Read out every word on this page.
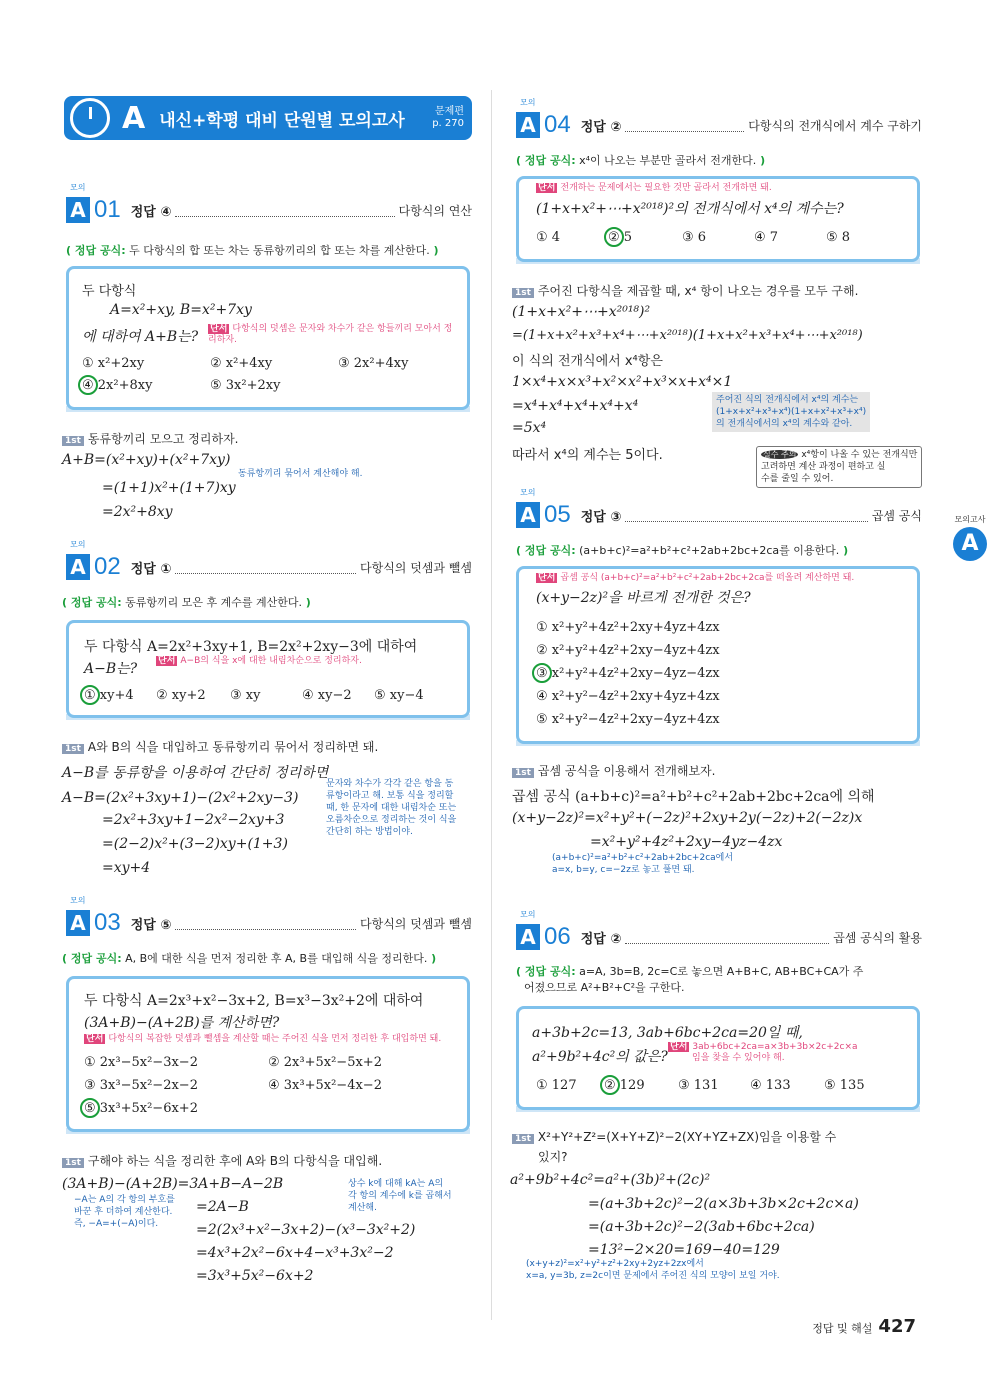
A 내신+학평 대비 단원별 모의고사	문제편
p. 270
모의
A 01 정답 ④	다항식의 연산
( 정답 공식: 두 다항식의 합 또는 차는 동류항끼리의 합 또는 차를 계산한다. )
두 다항식
A=x²+xy, B=x²+7xy
에 대하여 A+B는? 단서 다항식의 덧셈은 문자와 차수가 같은 항들끼리 모아서 정리하자.
① x²+2xy	② x²+4xy	③ 2x²+4xy
④ 2x²+8xy	⑤ 3x²+2xy
1st 동류항끼리 모으고 정리하자.
A+B=(x²+xy)+(x²+7xy)
동류항끼리 묶어서 계산해야 해.
=(1+1)x²+(1+7)xy
=2x²+8xy
모의
A 02 정답 ①	다항식의 덧셈과 뺄셈
( 정답 공식: 동류항끼리 모은 후 계수를 계산한다. )
두 다항식 A=2x²+3xy+1, B=2x²+2xy−3에 대하여
A−B는? 단서 A−B의 식을 x에 대한 내림차순으로 정리하자.
① xy+4 ② xy+2 ③ xy	④ xy−2 ⑤ xy−4
1st A와 B의 식을 대입하고 동류항끼리 묶어서 정리하면 돼.
A−B를 동류항을 이용하여 간단히 정리하면
A−B=(2x²+3xy+1)−(2x²+2xy−3)
=2x²+3xy+1−2x²−2xy+3
=(2−2)x²+(3−2)xy+(1+3)
=xy+4
문자와 차수가 각각 같은 항을 동
류항이라고 해. 보통 식을 정리할
때, 한 문자에 대한 내림차순 또는
오름차순으로 정리하는 것이 식을
간단히 하는 방법이야.
모의
A 03 정답 ⑤	다항식의 덧셈과 뺄셈
( 정답 공식: A, B에 대한 식을 먼저 정리한 후 A, B를 대입해 식을 정리한다. )
두 다항식 A=2x³+x²−3x+2, B=x³−3x²+2에 대하여
(3A+B)−(A+2B)를 계산하면?
단서 다항식의 복잡한 덧셈과 뺄셈을 계산할 때는 주어진 식을 먼저 정리한 후 대입하면 돼.
① 2x³−5x²−3x−2	② 2x³+5x²−5x+2
③ 3x³−5x²−2x−2	④ 3x³+5x²−4x−2
⑤ 3x³+5x²−6x+2
1st 구해야 하는 식을 정리한 후에 A와 B의 다항식을 대입해.
(3A+B)−(A+2B)=3A+B−A−2B
=2A−B
=2(2x³+x²−3x+2)−(x³−3x²+2)
=4x³+2x²−6x+4−x³+3x²−2
=3x³+5x²−6x+2
−A는 A의 각 항의 부호를
바꾼 후 더하여 계산한다.
즉, −A=+(−A)이다.
상수 k에 대해 kA는 A의
각 항의 계수에 k를 곱해서
계산해.
모의
A 04 정답 ②	다항식의 전개식에서 계수 구하기
( 정답 공식: x⁴이 나오는 부분만 골라서 전개한다. )
단서 전개하는 문제에서는 필요한 것만 골라서 전개하면 돼.
(1+x+x²+⋯+x²⁰¹⁸)²의 전개식에서 x⁴의 계수는?
① 4	② 5	③ 6	④ 7	⑤ 8
1st 주어진 다항식을 제곱할 때, x⁴ 항이 나오는 경우를 모두 구해.
(1+x+x²+⋯+x²⁰¹⁸)²
=(1+x+x²+x³+x⁴+⋯+x²⁰¹⁸)(1+x+x²+x³+x⁴+⋯+x²⁰¹⁸)
이 식의 전개식에서 x⁴항은
1×x⁴+x×x³+x²×x²+x³×x+x⁴×1
=x⁴+x⁴+x⁴+x⁴+x⁴
=5x⁴
따라서 x⁴의 계수는 5이다.
주어진 식의 전개식에서 x⁴의 계수는
(1+x+x²+x³+x⁴)(1+x+x²+x³+x⁴)
의 전개식에서의 x⁴의 계수와 같아.
실수 주의 x⁴항이 나올 수 있는 전개식만
고려하면 계산 과정이 편하고 실
수를 줄일 수 있어.
모의
A 05 정답 ③	곱셈 공식
( 정답 공식: (a+b+c)²=a²+b²+c²+2ab+2bc+2ca를 이용한다. )
단서 곱셈 공식 (a+b+c)²=a²+b²+c²+2ab+2bc+2ca를 떠올려 계산하면 돼.
(x+y−2z)²을 바르게 전개한 것은?
① x²+y²+4z²+2xy+4yz+4zx
② x²+y²+4z²+2xy−4yz+4zx
③ x²+y²+4z²+2xy−4yz−4zx
④ x²+y²−4z²+2xy+4yz+4zx
⑤ x²+y²−4z²+2xy−4yz+4zx
1st 곱셈 공식을 이용해서 전개해보자.
곱셈 공식 (a+b+c)²=a²+b²+c²+2ab+2bc+2ca에 의해
(x+y−2z)²=x²+y²+(−2z)²+2xy+2y(−2z)+2(−2z)x
=x²+y²+4z²+2xy−4yz−4zx
(a+b+c)²=a²+b²+c²+2ab+2bc+2ca에서
a=x, b=y, c=−2z로 놓고 풀면 돼.
모의
A 06 정답 ②	곱셈 공식의 활용
( 정답 공식: a=A, 3b=B, 2c=C로 놓으면 A+B+C, AB+BC+CA가 주
어졌으므로 A²+B²+C²을 구한다.
a+3b+2c=13, 3ab+6bc+2ca=20일 때,
a²+9b²+4c²의 값은?
단서 3ab+6bc+2ca=a×3b+3b×2c+2c×a
임을 찾을 수 있어야 해.
① 127 ② 129	③ 131 ④ 133	⑤ 135
1st X²+Y²+Z²=(X+Y+Z)²−2(XY+YZ+ZX)임을 이용할 수
있지?
a²+9b²+4c²=a²+(3b)²+(2c)²
=(a+3b+2c)²−2(a×3b+3b×2c+2c×a)
=(a+3b+2c)²−2(3ab+6bc+2ca)
=13²−2×20=169−40=129
(x+y+z)²=x²+y²+z²+2xy+2yz+2zx에서
x=a, y=3b, z=2c이면 문제에서 주어진 식의 모양이 보일 거야.
모의고사
A
정답 및 해설 427
